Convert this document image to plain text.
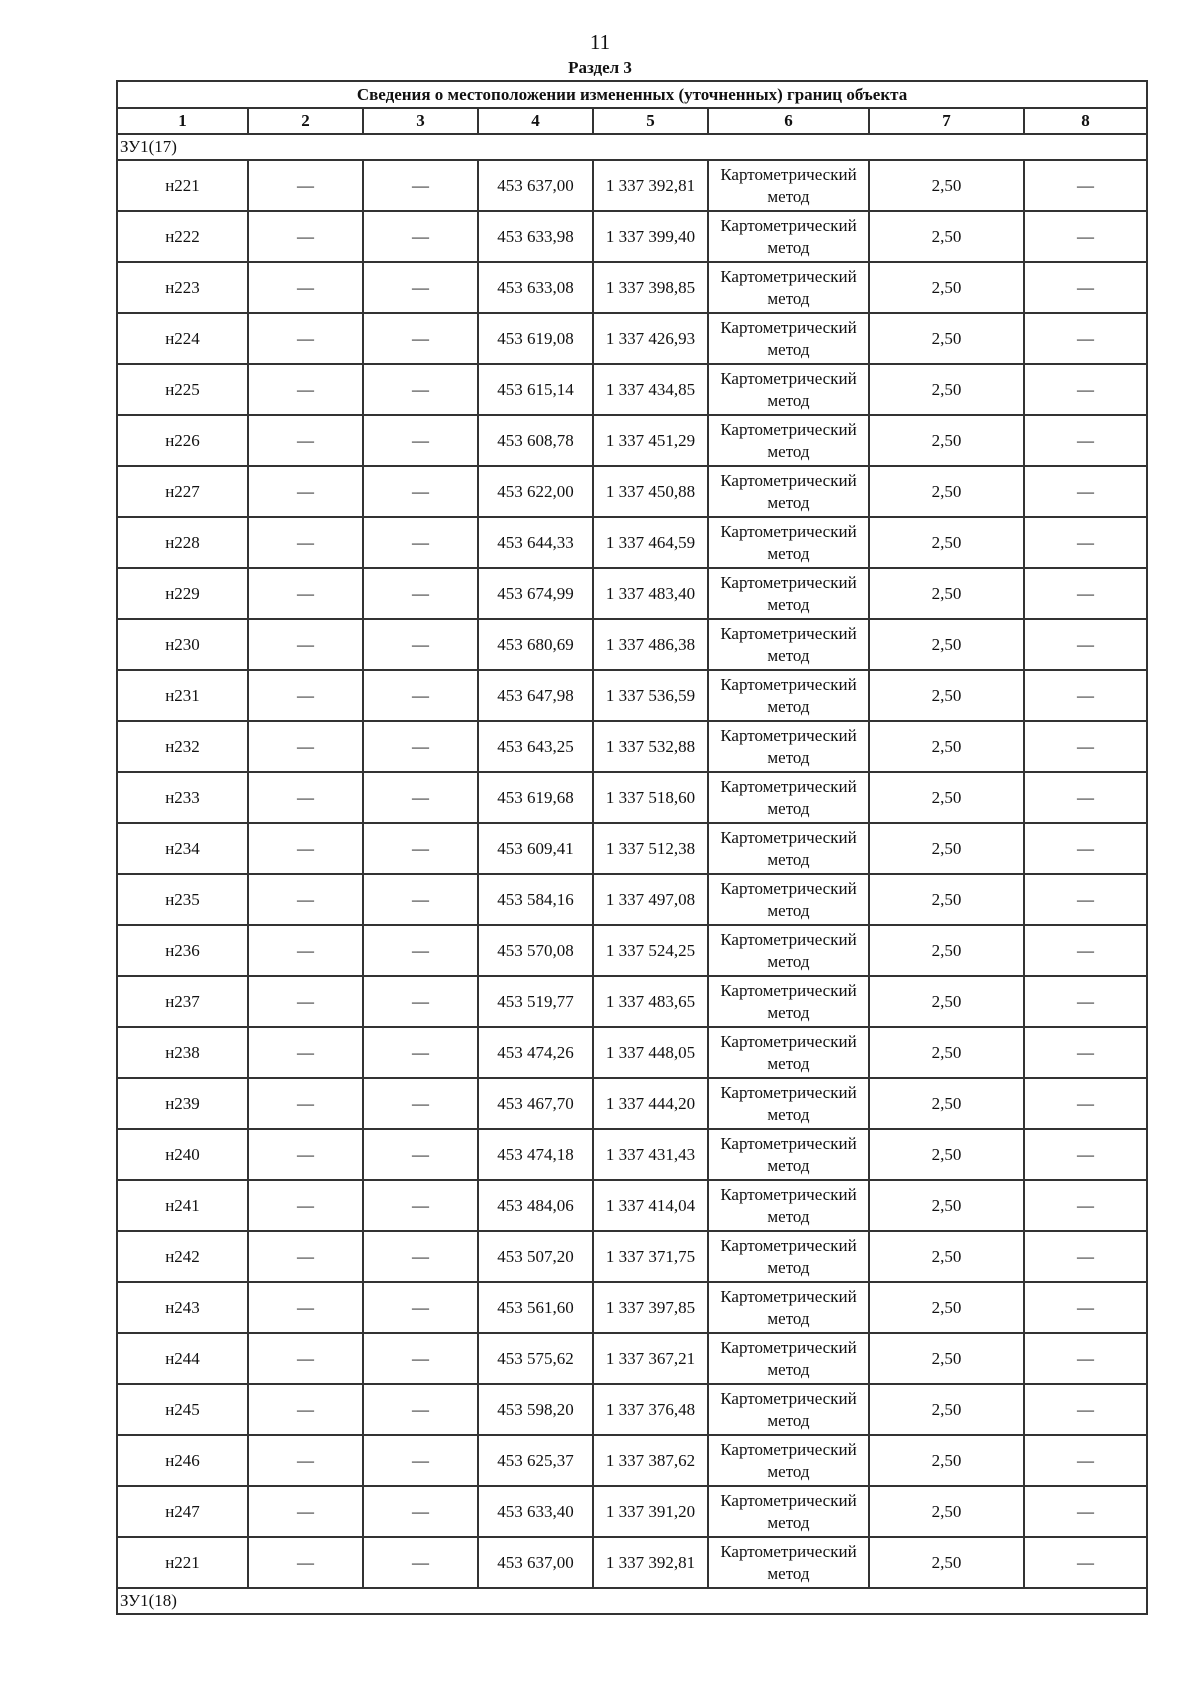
11
Раздел 3
Сведения о местоположении измененных (уточненных) границ объекта							
1	2	3	4	5	6	7	8
ЗУ1(17)							
н221	—	—	453 637,00	1 337 392,81	Картометрический метод	2,50	—
н222	—	—	453 633,98	1 337 399,40	Картометрический метод	2,50	—
н223	—	—	453 633,08	1 337 398,85	Картометрический метод	2,50	—
н224	—	—	453 619,08	1 337 426,93	Картометрический метод	2,50	—
н225	—	—	453 615,14	1 337 434,85	Картометрический метод	2,50	—
н226	—	—	453 608,78	1 337 451,29	Картометрический метод	2,50	—
н227	—	—	453 622,00	1 337 450,88	Картометрический метод	2,50	—
н228	—	—	453 644,33	1 337 464,59	Картометрический метод	2,50	—
н229	—	—	453 674,99	1 337 483,40	Картометрический метод	2,50	—
н230	—	—	453 680,69	1 337 486,38	Картометрический метод	2,50	—
н231	—	—	453 647,98	1 337 536,59	Картометрический метод	2,50	—
н232	—	—	453 643,25	1 337 532,88	Картометрический метод	2,50	—
н233	—	—	453 619,68	1 337 518,60	Картометрический метод	2,50	—
н234	—	—	453 609,41	1 337 512,38	Картометрический метод	2,50	—
н235	—	—	453 584,16	1 337 497,08	Картометрический метод	2,50	—
н236	—	—	453 570,08	1 337 524,25	Картометрический метод	2,50	—
н237	—	—	453 519,77	1 337 483,65	Картометрический метод	2,50	—
н238	—	—	453 474,26	1 337 448,05	Картометрический метод	2,50	—
н239	—	—	453 467,70	1 337 444,20	Картометрический метод	2,50	—
н240	—	—	453 474,18	1 337 431,43	Картометрический метод	2,50	—
н241	—	—	453 484,06	1 337 414,04	Картометрический метод	2,50	—
н242	—	—	453 507,20	1 337 371,75	Картометрический метод	2,50	—
н243	—	—	453 561,60	1 337 397,85	Картометрический метод	2,50	—
н244	—	—	453 575,62	1 337 367,21	Картометрический метод	2,50	—
н245	—	—	453 598,20	1 337 376,48	Картометрический метод	2,50	—
н246	—	—	453 625,37	1 337 387,62	Картометрический метод	2,50	—
н247	—	—	453 633,40	1 337 391,20	Картометрический метод	2,50	—
н221	—	—	453 637,00	1 337 392,81	Картометрический метод	2,50	—
ЗУ1(18)							
